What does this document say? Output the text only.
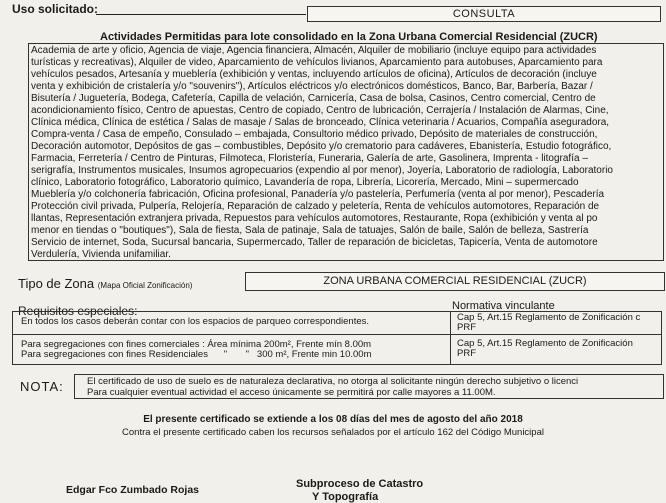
Uso solicitado:	CONSULTA
Actividades Permitidas para lote consolidado en la Zona Urbana Comercial Residencial (ZUCR)
Academia de arte y oficio, Agencia de viaje, Agencia financiera, Almacén, Alquiler de mobiliario (incluye equipo para actividades
turísticas y recreativas), Alquiler de video, Aparcamiento de vehículos livianos, Aparcamiento para autobuses, Aparcamiento para
vehículos pesados, Artesanía y mueblería (exhibición y ventas, incluyendo artículos de oficina), Artículos de decoración (incluye
venta y exhibición de cristalería y/o "souvenirs"), Artículos eléctricos y/o electrónicos domésticos, Banco, Bar, Barbería, Bazar /
Bisutería / Juguetería, Bodega, Cafetería, Capilla de velación, Carnicería, Casa de bolsa, Casinos, Centro comercial, Centro de
acondicionamiento físico, Centro de apuestas, Centro de copiado, Centro de lubricación, Cerrajería / Instalación de Alarmas, Cine,
Clínica médica, Clínica de estética / Salas de masaje / Salas de bronceado, Clínica veterinaria / Acuarios, Compañía aseguradora,
Compra-venta / Casa de empeño, Consulado – embajada, Consultorio médico privado, Depósito de materiales de construcción,
Decoración automotor, Depósitos de gas – combustibles, Depósito y/o crematorio para cadáveres, Ebanistería, Estudio fotográfico,
Farmacia, Ferretería / Centro de Pinturas, Filmoteca, Floristería, Funeraria, Galería de arte, Gasolinera, Imprenta - litografía –
serigrafía, Instrumentos musicales, Insumos agropecuarios (expendio al por menor), Joyería, Laboratorio de radiología, Laboratorio
clínico, Laboratorio fotográfico, Laboratorio químico, Lavandería de ropa, Librería, Licorería, Mercado, Mini – supermercado
Mueblería y/o colchonería fabricación, Oficina profesional, Panadería y/o pastelería, Perfumería (venta al por menor), Pescadería
Protección civil privada, Pulpería, Relojería, Reparación de calzado y peletería, Renta de vehículos automotores, Reparación de
llantas, Representación extranjera privada, Repuestos para vehículos automotores, Restaurante, Ropa (exhibición y venta al po
menor en tiendas o "boutiques"), Sala de fiesta, Sala de patinaje, Sala de tatuajes, Salón de baile, Salón de belleza, Sastrería
Servicio de internet, Soda, Sucursal bancaria, Supermercado, Taller de reparación de bicicletas, Tapicería, Venta de automotore
Verdulería, Vivienda unifamiliar.
Tipo de Zona (Mapa Oficial Zonificación)	ZONA URBANA COMERCIAL RESIDENCIAL (ZUCR)
Requisitos especiales:	Normativa vinculante
En todos los casos deberán contar con los espacios de parqueo correspondientes.	Cap 5, Art.15 Reglamento de Zonificación c
PRF
Para segregaciones con fines comerciales : Área mínima 200m², Frente mín 8.00m
Para segregaciones con fines Residenciales      "       "   300 m², Frente min 10.00m
Cap 5, Art.15 Reglamento de Zonificación
PRF
NOTA:	El certificado de uso de suelo es de naturaleza declarativa, no otorga al solicitante ningún derecho subjetivo o licenci
Para cualquier eventual actividad el acceso únicamente se permitirá por calle mayores a 11.00M.
El presente certificado se extiende a los 08 días del mes de agosto del año 2018
Contra el presente certificado caben los recursos señalados por el artículo 162 del Código Municipal
Edgar Fco Zumbado Rojas	Subproceso de Catastro
Y Topografía
